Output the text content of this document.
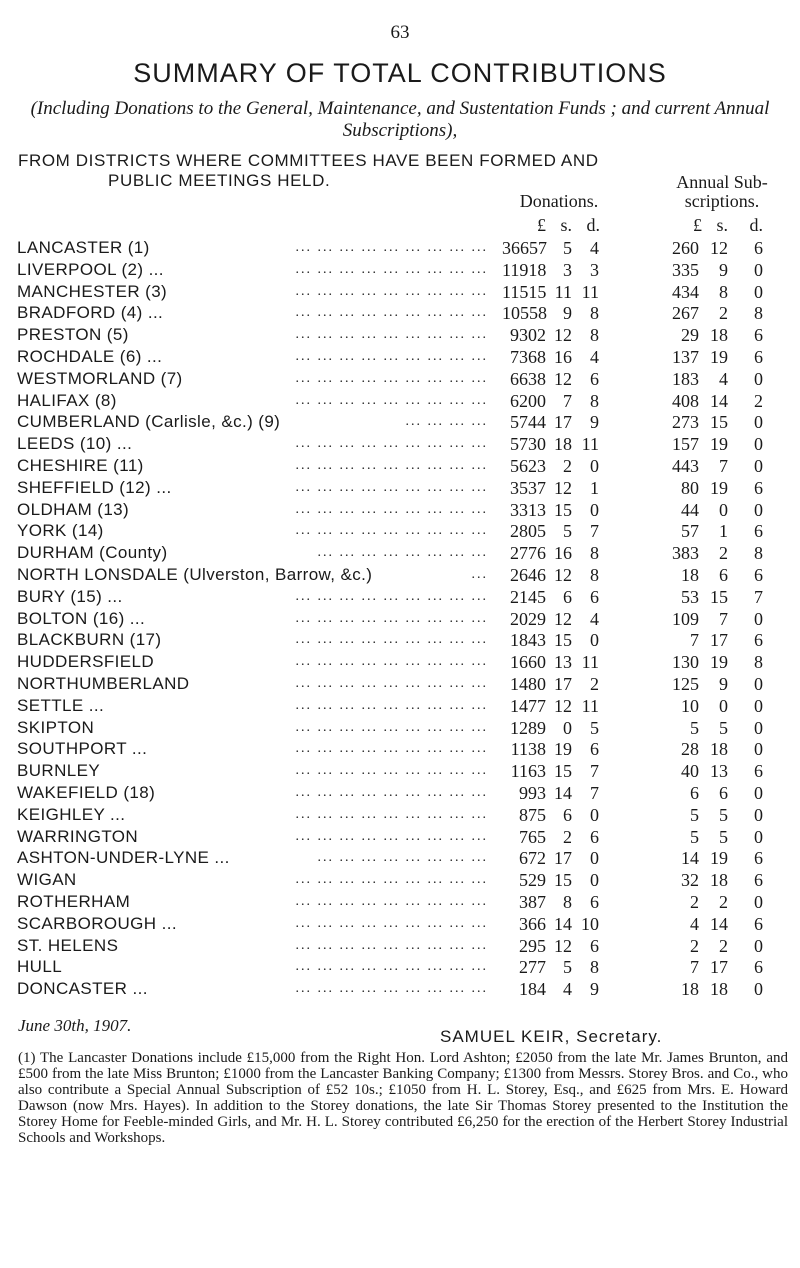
63
SUMMARY OF TOTAL CONTRIBUTIONS
(Including Donations to the General, Maintenance, and Sustentation Funds ; and current Annual Subscriptions),
FROM DISTRICTS WHERE COMMITTEES HAVE BEEN FORMED AND
PUBLIC MEETINGS HELD.	Annual Sub-
Donations.	scriptions.
£ s. d.	£ s.	d.
LANCASTER (1)	... ... ... ... ... ... ... ... ... 36657 5	4	260 12	6
LIVERPOOL (2) ...	... ... ... ... ... ... ... ... ... 11918 3	3	335	9	0
MANCHESTER (3)	... ... ... ... ... ... ... ... ... 11515 11 11	434	8	0
BRADFORD (4) ...	... ... ... ... ... ... ... ... ... 10558 9	8	267	2	8
PRESTON (5)	... ... ... ... ... ... ... ... ...	9302 12	8	29 18	6
ROCHDALE (6) ...	... ... ... ... ... ... ... ... ...	7368 16	4	137 19	6
WESTMORLAND (7)	... ... ... ... ... ... ... ... ...	6638 12	6	183	4	0
HALIFAX (8)	... ... ... ... ... ... ... ... ...	6200 7	8	408 14	2
CUMBERLAND (Carlisle, &c.) (9)	... ... ... ...	5744 17	9	273 15	0
LEEDS (10) ...	... ... ... ... ... ... ... ... ...	5730 18 11	157 19	0
CHESHIRE (11)	... ... ... ... ... ... ... ... ...	5623 2	0	443	7	0
SHEFFIELD (12) ...	... ... ... ... ... ... ... ... ...	3537 12	1	80 19	6
OLDHAM (13)	... ... ... ... ... ... ... ... ...	3313 15	0	44	0	0
YORK (14)	... ... ... ... ... ... ... ... ...	2805 5	7	57	1	6
DURHAM (County)	... ... ... ... ... ... ... ...	2776 16	8	383	2	8
NORTH LONSDALE (Ulverston, Barrow, &c.)	...	2646 12	8	18	6	6
BURY (15) ...	... ... ... ... ... ... ... ... ...	2145 6	6	53 15	7
BOLTON (16) ...	... ... ... ... ... ... ... ... ...	2029 12	4	109	7	0
BLACKBURN (17)	... ... ... ... ... ... ... ... ...	1843 15	0	7 17	6
HUDDERSFIELD	... ... ... ... ... ... ... ... ...	1660 13 11	130 19	8
NORTHUMBERLAND	... ... ... ... ... ... ... ... ...	1480 17	2	125	9	0
SETTLE ...	... ... ... ... ... ... ... ... ...	1477 12 11	10	0	0
SKIPTON	... ... ... ... ... ... ... ... ...	1289 0	5	5	5	0
SOUTHPORT ...	... ... ... ... ... ... ... ... ...	1138 19	6	28 18	0
BURNLEY	... ... ... ... ... ... ... ... ...	1163 15	7	40 13	6
WAKEFIELD (18)	... ... ... ... ... ... ... ... ...	993 14	7	6	6	0
KEIGHLEY ...	... ... ... ... ... ... ... ... ...	875 6	0	5	5	0
WARRINGTON	... ... ... ... ... ... ... ... ...	765 2	6	5	5	0
ASHTON-UNDER-LYNE ...	... ... ... ... ... ... ... ...	672 17	0	14 19	6
WIGAN	... ... ... ... ... ... ... ... ...	529 15	0	32 18	6
ROTHERHAM	... ... ... ... ... ... ... ... ...	387 8	6	2	2	0
SCARBOROUGH ...	... ... ... ... ... ... ... ... ...	366 14 10	4 14	6
ST. HELENS	... ... ... ... ... ... ... ... ...	295 12	6	2	2	0
HULL	... ... ... ... ... ... ... ... ...	277 5	8	7 17	6
DONCASTER ...	... ... ... ... ... ... ... ... ...	184 4	9	18 18	0
June 30th, 1907.
SAMUEL KEIR, Secretary.
(1) The Lancaster Donations include £15,000 from the Right Hon. Lord Ashton; £2050 from the late Mr. James Brunton, and £500 from the late Miss Brunton; £1000 from the Lancaster Banking Company; £1300 from Messrs. Storey Bros. and Co., who also contribute a Special Annual Subscription of £52 10s.; £1050 from H. L. Storey, Esq., and £625 from Mrs. E. Howard Dawson (now Mrs. Hayes). In addition to the Storey donations, the late Sir Thomas Storey presented to the Institution the Storey Home for Feeble-minded Girls, and Mr. H. L. Storey contributed £6,250 for the erection of the Herbert Storey Industrial Schools and Workshops.
